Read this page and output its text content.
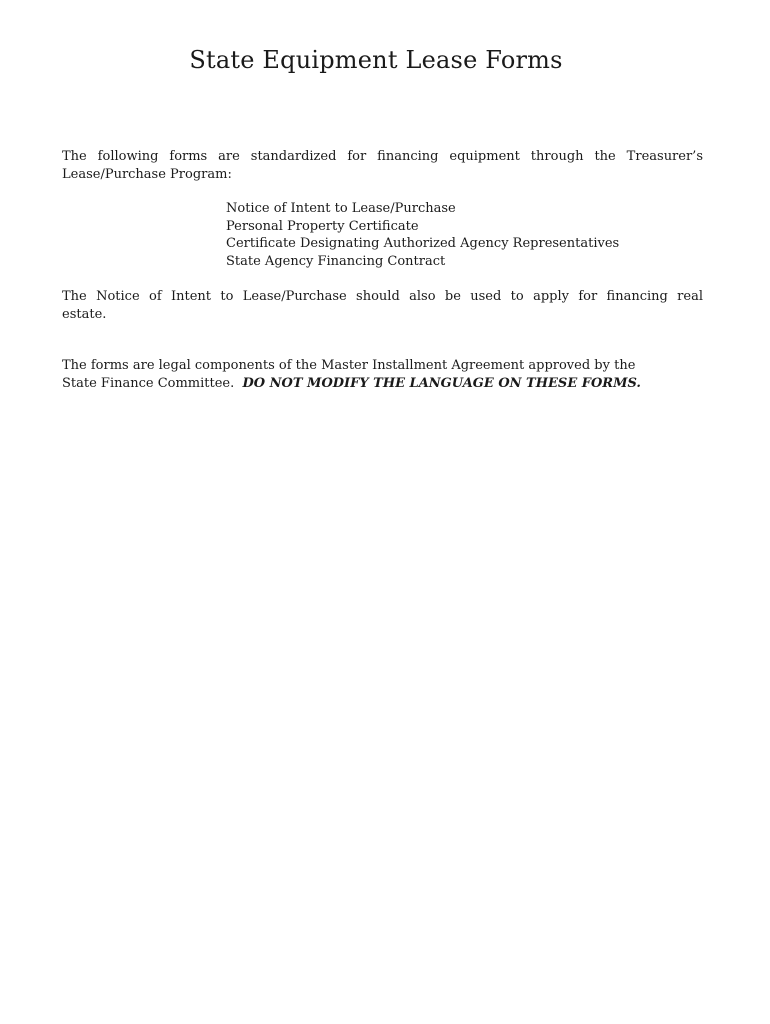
State Equipment Lease Forms

The following forms are standardized for financing equipment through the Treasurer’s
Lease/Purchase Program:

Notice of Intent to Lease/Purchase
Personal Property Certificate
Certificate Designating Authorized Agency Representatives
State Agency Financing Contract

The Notice of Intent to Lease/Purchase should also be used to apply for financing real
estate.

The forms are legal components of the Master Installment Agreement approved by the
State Finance Committee. DO NOT MODIFY THE LANGUAGE ON THESE FORMS.
